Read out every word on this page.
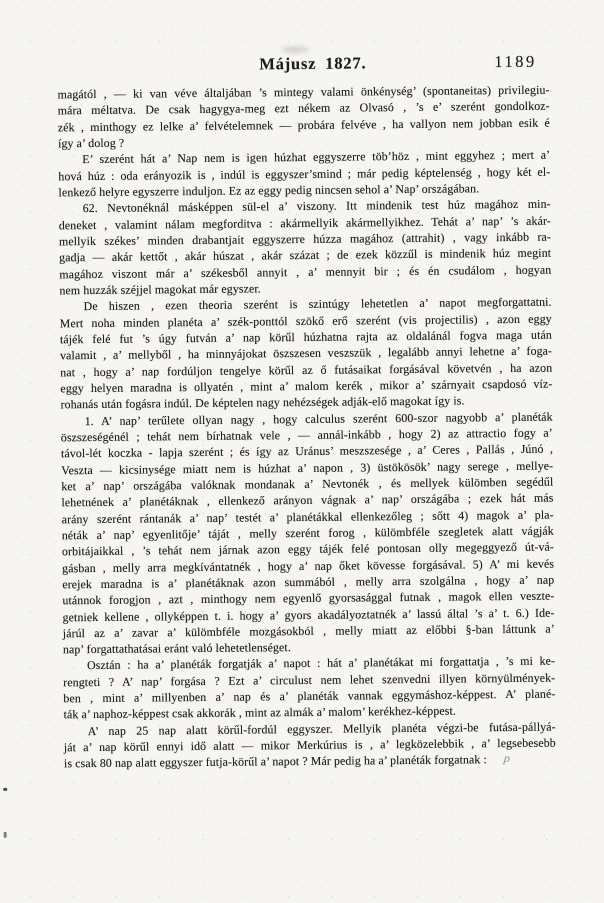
Májusz 1827.	1189
magától , — ki van véve általjában ’s mintegy valami önkénység’ (spontaneitas) privilegiu-
mára méltatva. De csak hagygya-meg ezt nékem az Olvasó , ’s e’ szerént gondolkoz-
zék , minthogy ez lelke a’ felvételemnek — probára felvéve , ha vallyon nem jobban esik é
így a’ dolog ?
E’ szerént hát a’ Nap nem is igen húzhat eggyszerre töb’höz , mint eggyhez ; mert a’
hová húz : oda erányozik is , indúl is eggyszer’smind ; már pedig képtelenség , hogy két el-
lenkező helyre egyszerre induljon. Ez az eggy pedig nincsen sehol a’ Nap’ országában.
62. Nevtonéknál másképpen sül-el a’ viszony. Itt mindenik test húz magához min-
deneket , valamint nálam megforditva : akármellyik akármellyikhez. Tehát a’ nap’ ’s akár-
mellyik székes’ minden drabantjait eggyszerre húzza magához (attrahit) , vagy inkább ra-
gadja — akár kettőt , akár húszat , akár százat ; de ezek közzűl is mindenik húz megint
magához viszont már a’ székesből annyit , a’ mennyit bir ; és én csudálom , hogyan
nem huzzák széjjel magokat már egyszer.
De hiszen , ezen theoria szerént is szintúgy lehetetlen a’ napot megforgattatni.
Mert noha minden planéta a’ szék-ponttól szökő erő szerént (vis projectilis) , azon eggy
tájék felé fut ’s úgy futván a’ nap körűl húzhatna rajta az oldalánál fogva maga után
valamit , a’ mellyből , ha minnyájokat öszszesen veszszük , legalább annyi lehetne a’ foga-
nat , hogy a’ nap fordúljon tengelye körűl az ő futásaikat forgásával követvén , ha azon
eggy helyen maradna is ollyatén , mint a’ malom kerék , mikor a’ szárnyait csapdosó víz-
rohanás után fogásra indúl. De képtelen nagy nehézségek adják-elő magokat így is.
1. A’ nap’ terűlete ollyan nagy , hogy calculus szerént 600-szor nagyobb a’ planéták
öszszeségénél ; tehát nem bírhatnak vele , — annál-inkább , hogy 2) az attractio fogy a’
távol-lét koczka - lapja szerént ; és így az Uránus’ meszszesége , a’ Ceres , Pallás , Júnó ,
Veszta — kicsinysége miatt nem is húzhat a’ napon , 3) üstökösök’ nagy serege , mellye-
ket a’ nap’ országába valóknak mondanak a’ Nevtonék , és mellyek külömben segédűl
lehetnének a’ planétáknak , ellenkező arányon vágnak a’ nap’ országába ; ezek hát más
arány szerént rántanák a’ nap’ testét a’ planétákkal ellenkezőleg ; sőtt 4) magok a’ pla-
néták a’ nap’ egyenlitője’ táját , melly szerént forog , külömbféle szegletek alatt vágják
orbitájaikkal , ’s tehát nem járnak azon eggy tájék felé pontosan olly megeggyező út-vá-
gásban , melly arra megkívántatnék , hogy a’ nap őket kövesse forgásával. 5) A’ mi kevés
erejek maradna is a’ planétáknak azon summából , melly arra szolgálna , hogy a’ nap
utánnok forogjon , azt , minthogy nem egyenlő gyorsasággal futnak , magok ellen veszte-
getniek kellene , ollyképpen t. i. hogy a’ gyors akadályoztatnék a’ lassú által ’s a’ t. 6.) Ide-
járúl az a’ zavar a’ külömbféle mozgásokból , melly miatt az előbbi §-ban láttunk a’
nap’ forgattathatásai eránt való lehetetlenséget.
Osztán : ha a’ planéták forgatják a’ napot : hát a’ planétákat mi forgattatja , ’s mi ke-
rengteti ? A’ nap’ forgása ? Ezt a’ circulust nem lehet szenvedni illyen környülmények-
ben , mint a’ millyenben a’ nap és a’ planéták vannak eggymáshoz-képpest. A’ plané-
ták a’ naphoz-képpest csak akkorák , mint az almák a’ malom’ kerékhez-képpest.
A’ nap 25 nap alatt körűl-fordúl eggyszer. Mellyik planéta végzi-be futása-pállyá-
ját a’ nap körűl ennyi idő alatt — mikor Merkúrius is , a’ legközelebbik , a’ legsebesebb
is csak 80 nap alatt eggyszer futja-körűl a’ napot ? Már pedig ha a’ planéták forgatnak :	p
